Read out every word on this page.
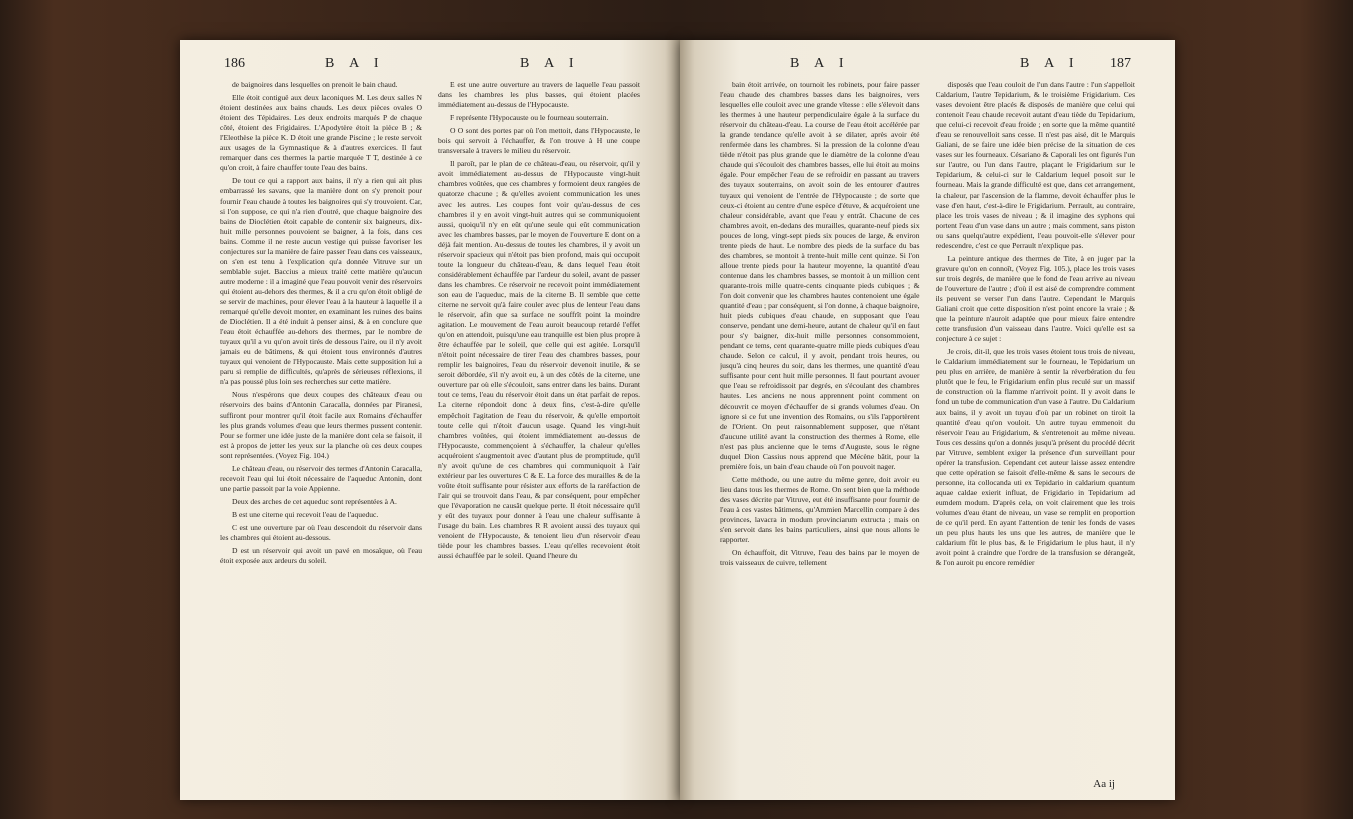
186	B A I	B A I

de baignoires dans lesquelles on prenoit le bain chaud.

Elle étoit contiguë aux deux laconiques M. Les deux salles N étoient destinées aux bains chauds. Les deux pièces ovales O étoient des Tépidaires. Les deux endroits marqués P de chaque côté, étoient des Frigidaires. L'Apodytère étoit la pièce B ; & l'Eleothèse la pièce K. D étoit une grande Piscine ; le reste servoit aux usages de la Gymnastique & à d'autres exercices. Il faut remarquer dans ces thermes la partie marquée T T, destinée à ce qu'on croit, à faire chauffer toute l'eau des bains.

De tout ce qui a rapport aux bains, il n'y a rien qui ait plus embarrassé les savans, que la manière dont on s'y prenoit pour fournir l'eau chaude à toutes les baignoires qui s'y trouvoient. Car, si l'on suppose, ce qui n'a rien d'outré, que chaque baignoire des bains de Dioclétien étoit capable de contenir six baigneurs, dix-huit mille personnes pouvoient se baigner, à la fois, dans ces bains. Comme il ne reste aucun vestige qui puisse favoriser les conjectures sur la manière de faire passer l'eau dans ces vaisseaux, on s'en est tenu à l'explication qu'a donnée Vitruve sur un semblable sujet. Baccius a mieux traité cette matière qu'aucun autre moderne : il a imaginé que l'eau pouvoit venir des réservoirs qui étoient au-dehors des thermes, & il a cru qu'on étoit obligé de se servir de machines, pour élever l'eau à la hauteur à laquelle il a remarqué qu'elle devoit monter, en examinant les ruines des bains de Dioclétien. Il a été induit à penser ainsi, & à en conclure que l'eau étoit échauffée au-dehors des thermes, par le nombre de tuyaux qu'il a vu qu'on avoit tirés de dessous l'aire, ou il n'y avoit jamais eu de bâtimens, & qui étoient tous environnés d'autres tuyaux qui venoient de l'Hypocauste. Mais cette supposition lui a paru si remplie de difficultés, qu'après de sérieuses réflexions, il n'a pas poussé plus loin ses recherches sur cette matière.

Nous n'espérons que deux coupes des châteaux d'eau ou réservoirs des bains d'Antonin Caracalla, données par Piranesi, suffiront pour montrer qu'il étoit facile aux Romains d'échauffer les plus grands volumes d'eau que leurs thermes pussent contenir. Pour se former une idée juste de la manière dont cela se faisoit, il est à propos de jetter les yeux sur la planche où ces deux coupes sont représentées. (Voyez Fig. 104.)

Le château d'eau, ou réservoir des termes d'Antonin Caracalla, recevoit l'eau qui lui étoit nécessaire de l'aqueduc Antonin, dont une partie passoit par la voie Appienne.

Deux des arches de cet aqueduc sont représentées à A.

B est une citerne qui recevoit l'eau de l'aqueduc.

C est une ouverture par où l'eau descendoit du réservoir dans les chambres qui étoient au-dessous.

D est un réservoir qui avoit un pavé en mosaïque, où l'eau étoit exposée aux ardeurs du soleil.

E est une autre ouverture au travers de laquelle l'eau passoit dans les chambres les plus basses, qui étoient placées immédiatement au-dessus de l'Hypocauste.

F représente l'Hypocauste ou le fourneau souterrain.

O O sont des portes par où l'on mettoit, dans l'Hypocauste, le bois qui servoit à l'échauffer, & l'on trouve à H une coupe transversale à travers le milieu du réservoir.

Il paroît, par le plan de ce château-d'eau, ou réservoir, qu'il y avoit immédiatement au-dessus de l'Hypocauste vingt-huit chambres voûtées, que ces chambres y formoient deux rangées de quatorze chacune ; & qu'elles avoient communication les unes avec les autres. Les coupes font voir qu'au-dessus de ces chambres il y en avoit vingt-huit autres qui se communiquoient aussi, quoiqu'il n'y en eût qu'une seule qui eût communication avec les chambres basses, par le moyen de l'ouverture E dont on a déjà fait mention. Au-dessus de toutes les chambres, il y avoit un réservoir spacieux qui n'étoit pas bien profond, mais qui occupoit toute la longueur du château-d'eau, & dans lequel l'eau étoit considérablement échauffée par l'ardeur du soleil, avant de passer dans les chambres. Ce réservoir ne recevoit point immédiatement son eau de l'aqueduc, mais de la citerne B. Il semble que cette citerne ne servoit qu'à faire couler avec plus de lenteur l'eau dans le réservoir, afin que sa surface ne souffrît point la moindre agitation. Le mouvement de l'eau auroit beaucoup retardé l'effet qu'on en attendoit, puisqu'une eau tranquille est bien plus propre à être échauffée par le soleil, que celle qui est agitée. Lorsqu'il n'étoit point nécessaire de tirer l'eau des chambres basses, pour remplir les baignoires, l'eau du réservoir devenoit inutile, & se seroit débordée, s'il n'y avoit eu, à un des côtés de la citerne, une ouverture par où elle s'écouloit, sans entrer dans les bains. Durant tout ce tems, l'eau du réservoir étoit dans un état parfait de repos. La citerne répondoit donc à deux fins, c'est-à-dire qu'elle empêchoit l'agitation de l'eau du réservoir, & qu'elle emportoit toute celle qui n'étoit d'aucun usage. Quand les vingt-huit chambres voûtées, qui étoient immédiatement au-dessus de l'Hypocauste, commençoient à s'échauffer, la chaleur qu'elles acquéroient s'augmentoit avec d'autant plus de promptitude, qu'il n'y avoit qu'une de ces chambres qui communiquoit à l'air extérieur par les ouvertures C & E. La force des murailles & de la voûte étoit suffisante pour résister aux efforts de la raréfaction de l'air qui se trouvoit dans l'eau, & par conséquent, pour empêcher que l'évaporation ne causât quelque perte. Il étoit nécessaire qu'il y eût des tuyaux pour donner à l'eau une chaleur suffisante à l'usage du bain. Les chambres R R avoient aussi des tuyaux qui venoient de l'Hypocauste, & tenoient lieu d'un réservoir d'eau tiède pour les chambres basses. L'eau qu'elles recevoient étoit aussi échauffée par le soleil. Quand l'heure du

B A I	B A I 187

bain étoit arrivée, on tournoit les robinets, pour faire passer l'eau chaude des chambres basses dans les baignoires, vers lesquelles elle couloit avec une grande vîtesse : elle s'élevoit dans les thermes à une hauteur perpendiculaire égale à la surface du réservoir du château-d'eau. La course de l'eau étoit accélérée par la grande tendance qu'elle avoit à se dilater, après avoir été renfermée dans les chambres. Si la pression de la colonne d'eau tiède n'étoit pas plus grande que le diamètre de la colonne d'eau chaude qui s'écouloit des chambres basses, elle lui étoit au moins égale. Pour empêcher l'eau de se refroidir en passant au travers des tuyaux souterrains, on avoit soin de les entourer d'autres tuyaux qui venoient de l'entrée de l'Hypocauste ; de sorte que ceux-ci étoient au centre d'une espèce d'étuve, & acquéroient une chaleur considérable, avant que l'eau y entrât. Chacune de ces chambres avoit, en-dedans des murailles, quarante-neuf pieds six pouces de long, vingt-sept pieds six pouces de large, & environ trente pieds de haut. Le nombre des pieds de la surface du bas des chambres, se montoit à trente-huit mille cent quinze. Si l'on alloue trente pieds pour la hauteur moyenne, la quantité d'eau contenue dans les chambres basses, se montoit à un million cent quarante-trois mille quatre-cents cinquante pieds cubiques ; & l'on doit convenir que les chambres hautes contenoient une égale quantité d'eau ; par conséquent, si l'on donne, à chaque baignoire, huit pieds cubiques d'eau chaude, en supposant que l'eau conserve, pendant une demi-heure, autant de chaleur qu'il en faut pour s'y baigner, dix-huit mille personnes consommoient, pendant ce tems, cent quarante-quatre mille pieds cubiques d'eau chaude. Selon ce calcul, il y avoit, pendant trois heures, ou jusqu'à cinq heures du soir, dans les thermes, une quantité d'eau suffisante pour cent huit mille personnes. Il faut pourtant avouer que l'eau se refroidissoit par degrés, en s'écoulant des chambres hautes. Les anciens ne nous apprennent point comment on découvrit ce moyen d'échauffer de si grands volumes d'eau. On ignore si ce fut une invention des Romains, ou s'ils l'apportèrent de l'Orient. On peut raisonnablement supposer, que n'étant d'aucune utilité avant la construction des thermes à Rome, elle n'est pas plus ancienne que le tems d'Auguste, sous le règne duquel Dion Cassius nous apprend que Mécène bâtit, pour la première fois, un bain d'eau chaude où l'on pouvoit nager.

Cette méthode, ou une autre du même genre, doit avoir eu lieu dans tous les thermes de Rome. On sent bien que la méthode des vases décrite par Vitruve, eut été insuffisante pour fournir de l'eau à ces vastes bâtimens, qu'Ammien Marcellin compare à des provinces, lavacra in modum provinciarum extructa ; mais on s'en servoit dans les bains particuliers, ainsi que nous allons le rapporter.

On échauffoit, dit Vitruve, l'eau des bains par le moyen de trois vaisseaux de cuivre, tellement

disposés que l'eau couloit de l'un dans l'autre : l'un s'appelloit Caldarium, l'autre Tepidarium, & le troisième Frigidarium. Ces vases devoient être placés & disposés de manière que celui qui contenoit l'eau chaude recevoit autant d'eau tiède du Tepidarium, que celui-ci recevoit d'eau froide ; en sorte que la même quantité d'eau se renouvelloit sans cesse. Il n'est pas aisé, dit le Marquis Galiani, de se faire une idée bien précise de la situation de ces vases sur les fourneaux. Césariano & Caporali les ont figurés l'un sur l'autre, ou l'un dans l'autre, plaçant le Frigidarium sur le Tepidarium, & celui-ci sur le Caldarium lequel posoit sur le fourneau. Mais la grande difficulté est que, dans cet arrangement, la chaleur, par l'ascension de la flamme, devoit échauffer plus le vase d'en haut, c'est-à-dire le Frigidarium. Perrault, au contraire, place les trois vases de niveau ; & il imagine des syphons qui portent l'eau d'un vase dans un autre ; mais comment, sans piston ou sans quelqu'autre expédient, l'eau pouvoit-elle s'élever pour redescendre, c'est ce que Perrault n'explique pas.

La peinture antique des thermes de Tite, à en juger par la gravure qu'on en connoît, (Voyez Fig. 105.), place les trois vases sur trois degrés, de manière que le fond de l'eau arrive au niveau de l'ouverture de l'autre ; d'où il est aisé de comprendre comment ils peuvent se verser l'un dans l'autre. Cependant le Marquis Galiani croit que cette disposition n'est point encore la vraie ; & que la peinture n'auroit adaptée que pour mieux faire entendre cette transfusion d'un vaisseau dans l'autre. Voici qu'elle est sa conjecture à ce sujet :

Je crois, dit-il, que les trois vases étoient tous trois de niveau, le Caldarium immédiatement sur le fourneau, le Tepidarium un peu plus en arrière, de manière à sentir la réverbération du feu plutôt que le feu, le Frigidarium enfin plus reculé sur un massif de construction où la flamme n'arrivoit point. Il y avoit dans le fond un tube de communication d'un vase à l'autre. Du Caldarium aux bains, il y avoit un tuyau d'où par un robinet on tiroit la quantité d'eau qu'on vouloit. Un autre tuyau emmenoit du réservoir l'eau au Frigidarium, & s'entretenoit au même niveau. Tous ces dessins qu'on a donnés jusqu'à présent du procédé décrit par Vitruve, semblent exiger la présence d'un surveillant pour opérer la transfusion. Cependant cet auteur laisse assez entendre que cette opération se faisoit d'elle-même & sans le secours de personne, ita collocanda uti ex Tepidario in caldarium quantum aquae caldae exierit influat, de Frigidario in Tepidarium ad eumdem modum. D'après cela, on voit clairement que les trois volumes d'eau étant de niveau, un vase se remplit en proportion de ce qu'il perd. En ayant l'attention de tenir les fonds de vases un peu plus hauts les uns que les autres, de manière que le caldarium fût le plus bas, & le Frigidarium le plus haut, il n'y avoit point à craindre que l'ordre de la transfusion se dérangeât, & l'on auroit pu encore remédier

Aa ij
